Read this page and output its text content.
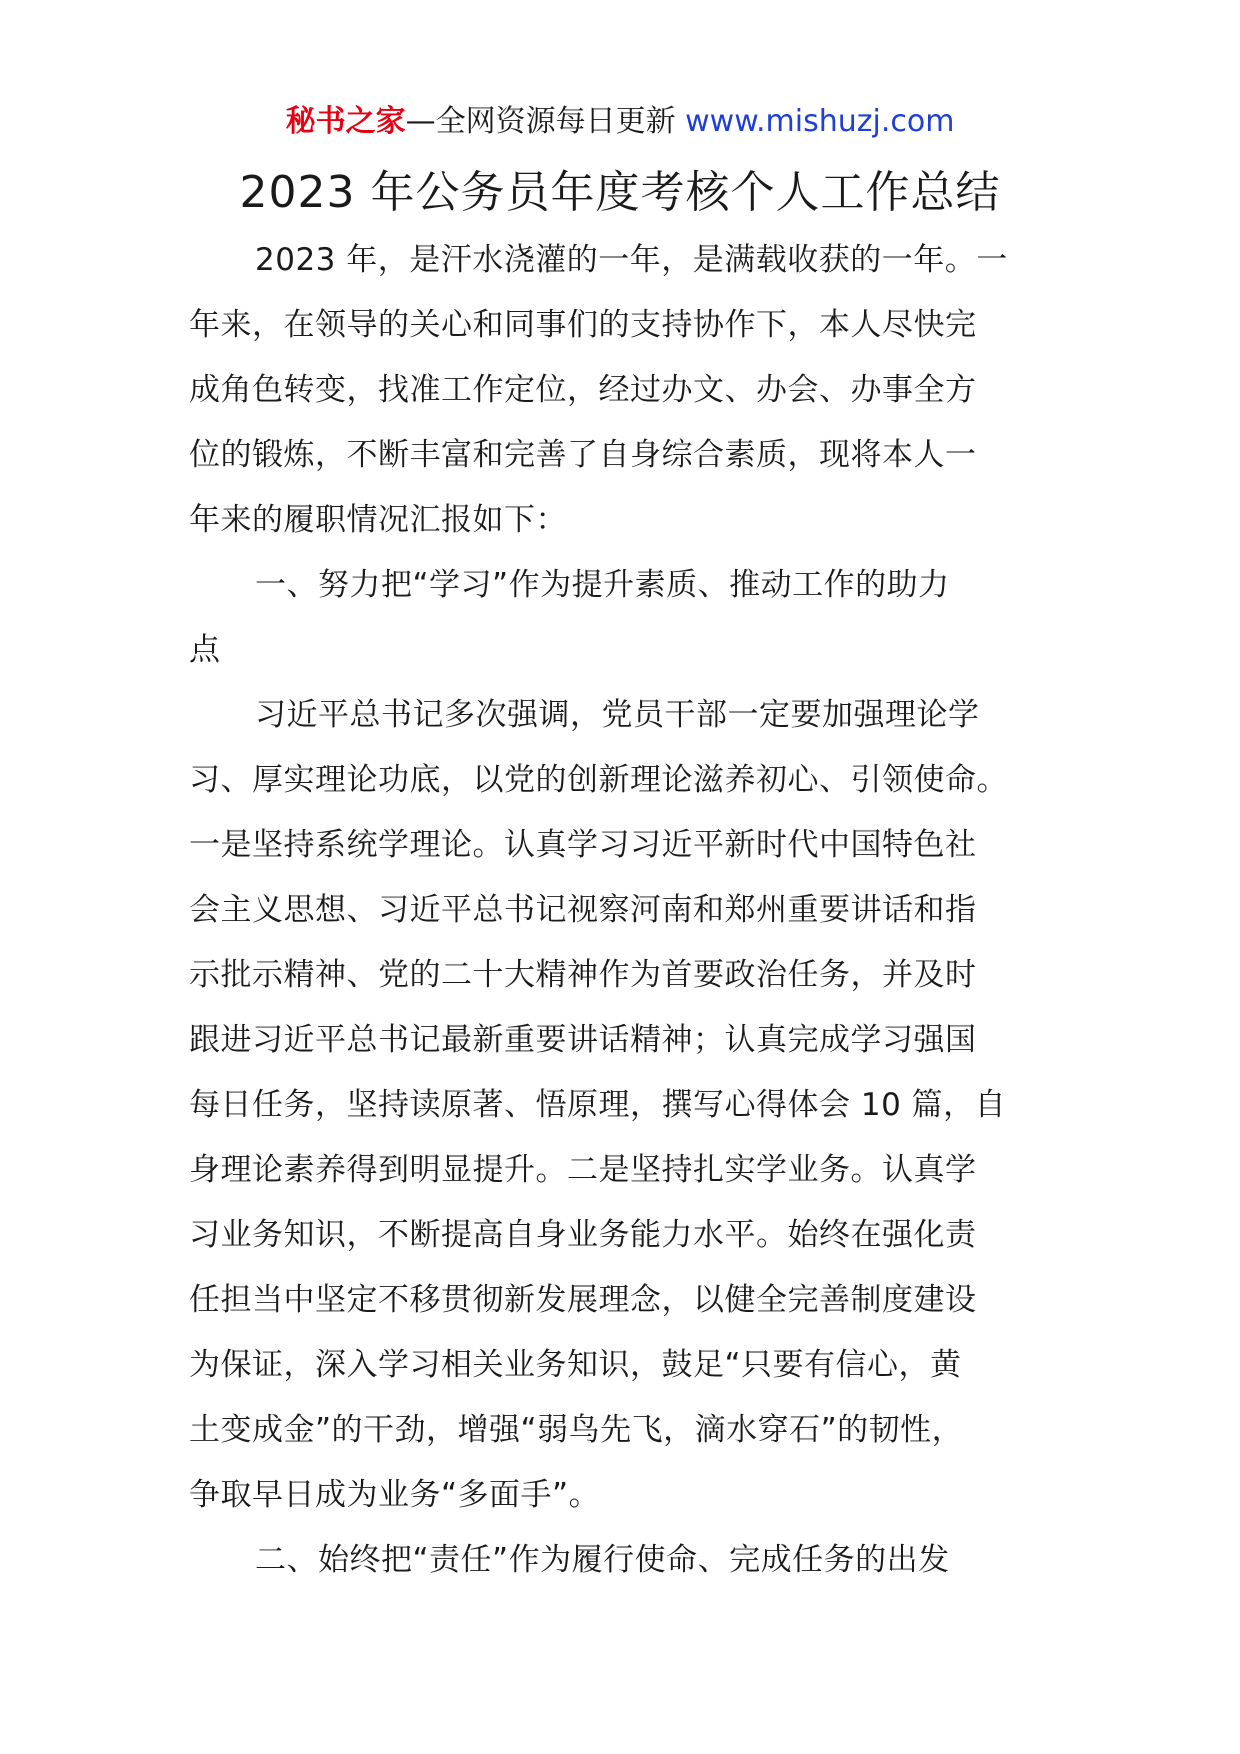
秘书之家—全网资源每日更新 www.mishuzj.com
2023 年公务员年度考核个人工作总结
2023 年，是汗水浇灌的一年，是满载收获的一年。一
年来，在领导的关心和同事们的支持协作下，本人尽快完
成角色转变，找准工作定位，经过办文、办会、办事全方
位的锻炼，不断丰富和完善了自身综合素质，现将本人一
年来的履职情况汇报如下：
一、努力把“学习”作为提升素质、推动工作的助力
点
习近平总书记多次强调，党员干部一定要加强理论学
习、厚实理论功底，以党的创新理论滋养初心、引领使命。
一是坚持系统学理论。认真学习习近平新时代中国特色社
会主义思想、习近平总书记视察河南和郑州重要讲话和指
示批示精神、党的二十大精神作为首要政治任务，并及时
跟进习近平总书记最新重要讲话精神；认真完成学习强国
每日任务，坚持读原著、悟原理，撰写心得体会 10 篇，自
身理论素养得到明显提升。二是坚持扎实学业务。认真学
习业务知识，不断提高自身业务能力水平。始终在强化责
任担当中坚定不移贯彻新发展理念，以健全完善制度建设
为保证，深入学习相关业务知识，鼓足“只要有信心，黄
土变成金”的干劲，增强“弱鸟先飞，滴水穿石”的韧性，
争取早日成为业务“多面手”。
二、始终把“责任”作为履行使命、完成任务的出发
